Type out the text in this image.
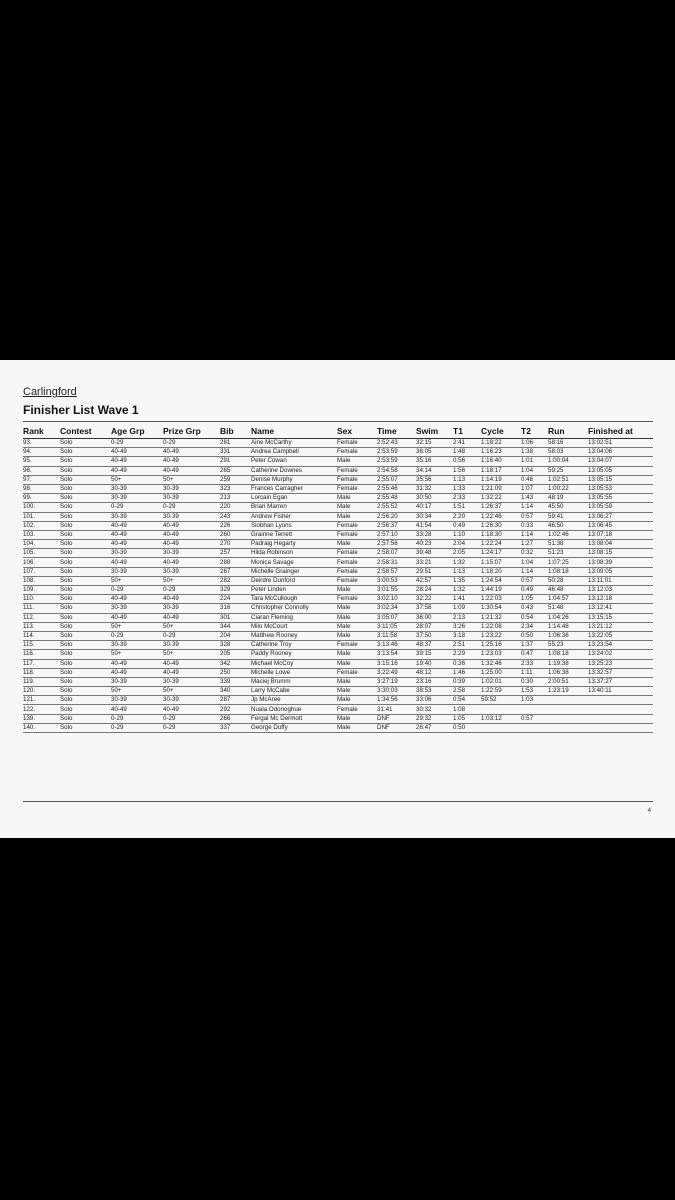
Carlingford
Finisher List Wave 1
Rank	Contest	Age Grp	Prize Grp	Bib	Name	Sex	Time	Swim	T1	Cycle	T2	Run	Finished at
93.	Solo	0-29	0-29	281	Aine McCarthy	Female	2:52:43	32:15	2:41	1:18:22	1:06	58:16	13:02:51
94.	Solo	40-49	40-49	331	Andrea Campbell	Female	2:53:59	36:05	1:48	1:16:23	1:38	58:03	13:04:06
95.	Solo	40-49	40-49	291	Peter Cowan	Male	2:53:59	35:16	0:56	1:16:40	1:01	1:00:04	13:04:07
96.	Solo	40-49	40-49	265	Catherine Downes	Female	2:54:58	34:14	1:56	1:18:17	1:04	59:25	13:05:05
97.	Solo	50+	50+	259	Denise Murphy	Female	2:55:07	35:56	1:13	1:14:19	0:46	1:02:51	13:05:15
98.	Solo	30-39	30-39	323	Frances Carragher	Female	2:55:46	31:32	1:33	1:21:09	1:07	1:00:22	13:05:53
99.	Solo	30-39	30-39	213	Lorcain Egan	Male	2:55:48	30:50	2:33	1:32:22	1:43	48:19	13:05:55
100.	Solo	0-29	0-29	220	Brian Marren	Male	2:55:52	40:17	1:51	1:26:37	1:14	45:50	13:05:59
101.	Solo	30-39	30-39	243	Andrew Fisher	Male	2:56:20	30:34	2:20	1:22:46	0:57	59:41	13:06:27
102.	Solo	40-49	40-49	226	Siobhan Lyons	Female	2:56:37	41:54	0:49	1:26:30	0:33	46:50	13:06:45
103.	Solo	40-49	40-49	260	Grainne Terrett	Female	2:57:10	33:28	1:10	1:18:30	1:14	1:02:46	13:07:18
104.	Solo	40-49	40-49	270	Padraig Hegarty	Male	2:57:56	40:23	2:04	1:22:24	1:27	51:38	13:08:04
105.	Solo	30-39	30-39	257	Hilda Robinson	Female	2:58:07	39:48	2:05	1:24:17	0:32	51:23	13:08:15
106.	Solo	40-49	40-49	288	Monica Savage	Female	2:58:31	33:21	1:32	1:15:07	1:04	1:07:25	13:08:39
107.	Solo	30-39	30-39	267	Michelle Grainger	Female	2:58:57	29:51	1:13	1:18:20	1:14	1:08:18	13:09:05
108.	Solo	50+	50+	282	Deirdre Dunford	Female	3:00:53	42:57	1:35	1:24:54	0:57	50:28	13:11:01
109.	Solo	0-29	0-29	329	Peter Linden	Male	3:01:55	28:24	1:32	1:44:19	0:49	46:48	13:12:03
110.	Solo	40-49	40-49	224	Tara McCullough	Female	3:02:10	32:22	1:41	1:22:03	1:05	1:04:57	13:12:18
111.	Solo	30-39	30-39	316	Christopher Connolly	Male	3:02:34	37:58	1:09	1:30:54	0:43	51:48	13:12:41
112.	Solo	40-49	40-49	301	Ciaran Fleming	Male	3:05:07	36:00	2:13	1:21:32	0:54	1:04:26	13:15:15
113.	Solo	50+	50+	344	Milo McCourt	Male	3:11:05	28:07	3:26	1:22:08	2:34	1:14:48	13:21:12
114.	Solo	0-29	0-29	204	Matthew Rooney	Male	3:11:58	37:50	3:18	1:23:22	0:50	1:06:36	13:22:05
115.	Solo	30-39	30-39	328	Catherine Troy	Female	3:13:46	48:37	2:51	1:25:16	1:37	55:23	13:23:54
116.	Solo	50+	50+	205	Paddy Rooney	Male	3:13:54	39:15	2:29	1:23:03	0:47	1:08:18	13:24:02
117.	Solo	40-49	40-49	342	Michael McCoy	Male	3:15:16	19:40	0:36	1:32:46	2:33	1:19:38	13:25:23
118.	Solo	40-49	40-49	250	Michelle Lowe	Female	3:22:49	48:12	1:46	1:25:00	1:11	1:06:38	13:32:57
119.	Solo	30-39	30-39	339	Maciej Brumm	Male	3:27:19	23:16	0:39	1:02:01	0:30	2:00:51	13:37:27
120.	Solo	50+	50+	340	Larry McCabe	Male	3:30:03	38:53	2:58	1:22:59	1:53	1:23:19	13:40:11
121.	Solo	30-39	30-39	287	Jp McAree	Male	1:34:56	33:06	0:54	59:52	1:03		
122.	Solo	40-49	40-49	292	Nuala Odonoghue	Female	31:41	30:32	1:08				
139.	Solo	0-29	0-29	266	Fergal Mc Dermott	Male	DNF	29:32	1:05	1:03:12	0:57		
140.	Solo	0-29	0-29	337	George Duffy	Male	DNF	26:47	0:50				
4
